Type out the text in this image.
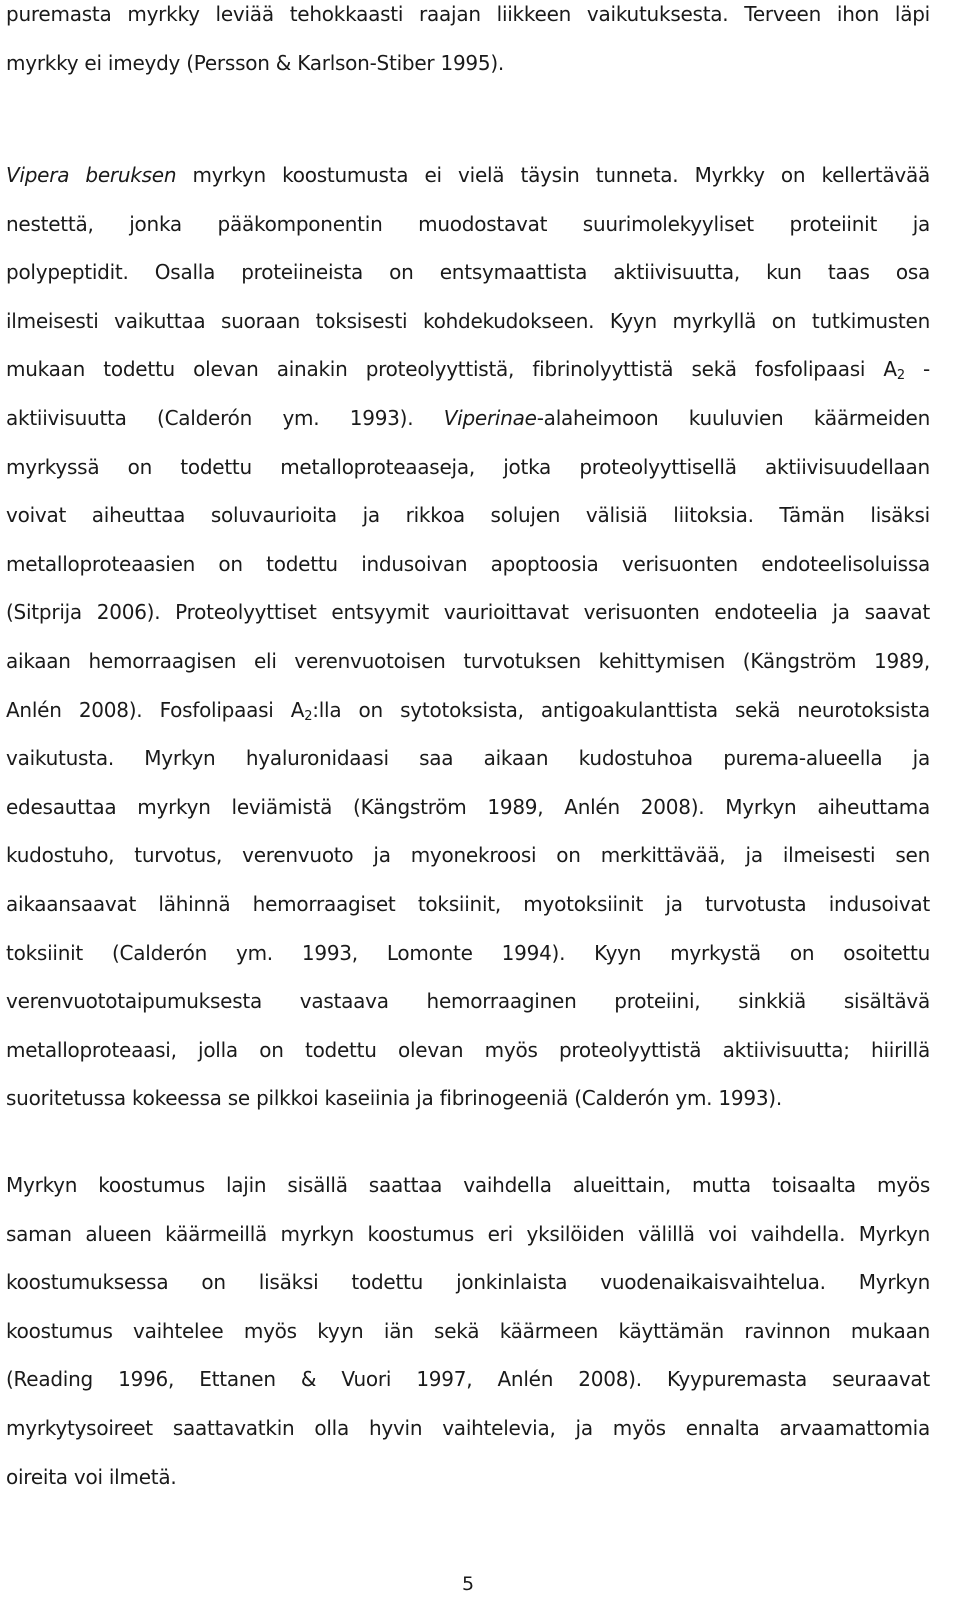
puremasta myrkky leviää tehokkaasti raajan liikkeen vaikutuksesta. Terveen ihon läpi
myrkky ei imeydy (Persson & Karlson-Stiber 1995).
Vipera beruksen myrkyn koostumusta ei vielä täysin tunneta. Myrkky on kellertävää
nestettä, jonka pääkomponentin muodostavat suurimolekyyliset proteiinit ja
polypeptidit. Osalla proteiineista on entsymaattista aktiivisuutta, kun taas osa
ilmeisesti vaikuttaa suoraan toksisesti kohdekudokseen. Kyyn myrkyllä on tutkimusten
mukaan todettu olevan ainakin proteolyyttistä, fibrinolyyttistä sekä fosfolipaasi $A_2$ -
aktiivisuutta (Calderón ym. 1993). Viperinae-alaheimoon kuuluvien käärmeiden
myrkyssä on todettu metalloproteaaseja, jotka proteolyyttisellä aktiivisuudellaan
voivat aiheuttaa soluvaurioita ja rikkoa solujen välisiä liitoksia. Tämän lisäksi
metalloproteaasien on todettu indusoivan apoptoosia verisuonten endoteelisoluissa
(Sitprija 2006). Proteolyyttiset entsyymit vaurioittavat verisuonten endoteelia ja saavat
aikaan hemorraagisen eli verenvuotoisen turvotuksen kehittymisen (Kängström 1989,
Anlén 2008). Fosfolipaasi $A_2:lla$ on sytotoksista, antigoakulanttista sekä neurotoksista
vaikutusta. Myrkyn hyaluronidaasi saa aikaan kudostuhoa purema-alueella ja
edesauttaa myrkyn leviämistä (Kängström 1989, Anlén 2008). Myrkyn aiheuttama
kudostuho, turvotus, verenvuoto ja myonekroosi on merkittävää, ja ilmeisesti sen
aikaansaavat lähinnä hemorraagiset toksiinit, myotoksiinit ja turvotusta indusoivat
toksiinit (Calderón ym. 1993, Lomonte 1994). Kyyn myrkystä on osoitettu
verenvuototaipumuksesta vastaava hemorraaginen proteiini, sinkkiä sisältävä
metalloproteaasi, jolla on todettu olevan myös proteolyyttistä aktiivisuutta; hiirillä
suoritetussa kokeessa se pilkkoi kaseiinia ja fibrinogeeniä (Calderón ym. 1993).
Myrkyn koostumus lajin sisällä saattaa vaihdella alueittain, mutta toisaalta myös
saman alueen käärmeillä myrkyn koostumus eri yksilöiden välillä voi vaihdella. Myrkyn
koostumuksessa on lisäksi todettu jonkinlaista vuodenaikaisvaihtelua. Myrkyn
koostumus vaihtelee myös kyyn iän sekä käärmeen käyttämän ravinnon mukaan
(Reading 1996, Ettanen & Vuori 1997, Anlén 2008). Kyypuremasta seuraavat
myrkytysoireet saattavatkin olla hyvin vaihtelevia, ja myös ennalta arvaamattomia
oireita voi ilmetä.
5
